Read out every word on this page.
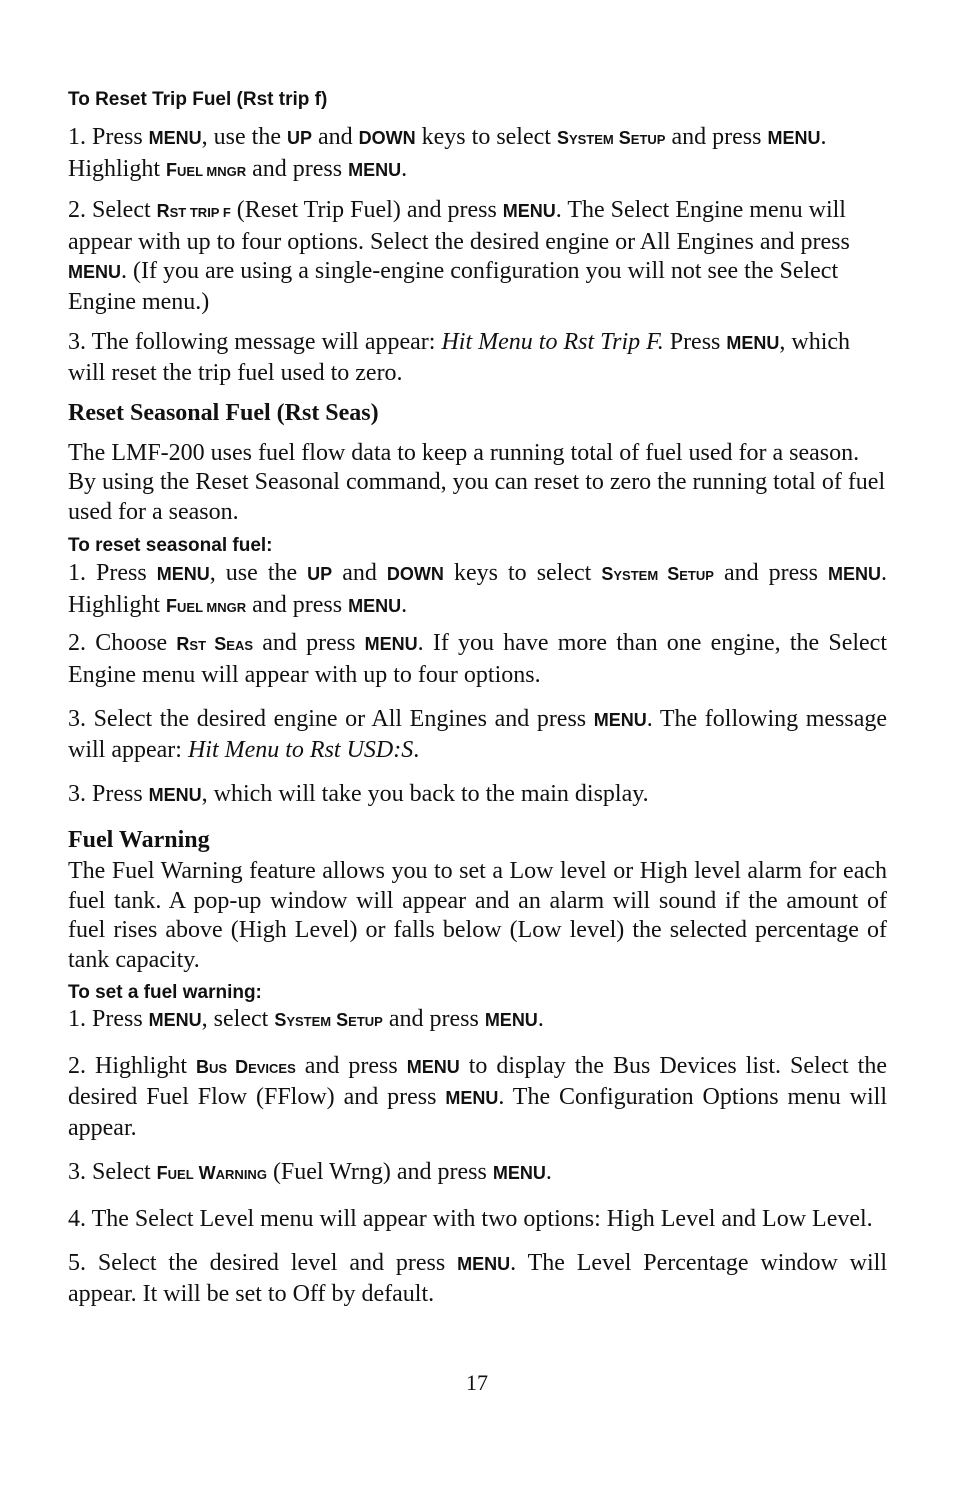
To Reset Trip Fuel (Rst trip f)

1. Press MENU, use the UP and DOWN keys to select SYSTEM SETUP and press MENU. Highlight FUEL MNGR and press MENU.

2. Select RST TRIP F (Reset Trip Fuel) and press MENU. The Select Engine menu will appear with up to four options. Select the desired engine or All Engines and press MENU. (If you are using a single-engine configuration you will not see the Select Engine menu.)

3. The following message will appear: Hit Menu to Rst Trip F. Press MENU, which will reset the trip fuel used to zero.

Reset Seasonal Fuel (Rst Seas)

The LMF-200 uses fuel flow data to keep a running total of fuel used for a season. By using the Reset Seasonal command, you can reset to zero the running total of fuel used for a season.

To reset seasonal fuel:

1. Press MENU, use the UP and DOWN keys to select SYSTEM SETUP and press MENU. Highlight FUEL MNGR and press MENU.

2. Choose RST SEAS and press MENU. If you have more than one engine, the Select Engine menu will appear with up to four options.

3. Select the desired engine or All Engines and press MENU. The following message will appear: Hit Menu to Rst USD:S.

3. Press MENU, which will take you back to the main display.

Fuel Warning

The Fuel Warning feature allows you to set a Low level or High level alarm for each fuel tank. A pop-up window will appear and an alarm will sound if the amount of fuel rises above (High Level) or falls below (Low level) the selected percentage of tank capacity.

To set a fuel warning:

1. Press MENU, select SYSTEM SETUP and press MENU.

2. Highlight BUS DEVICES and press MENU to display the Bus Devices list. Select the desired Fuel Flow (FFlow) and press MENU. The Configuration Options menu will appear.

3. Select FUEL WARNING (Fuel Wrng) and press MENU.

4. The Select Level menu will appear with two options: High Level and Low Level.

5. Select the desired level and press MENU. The Level Percentage window will appear. It will be set to Off by default.

17
